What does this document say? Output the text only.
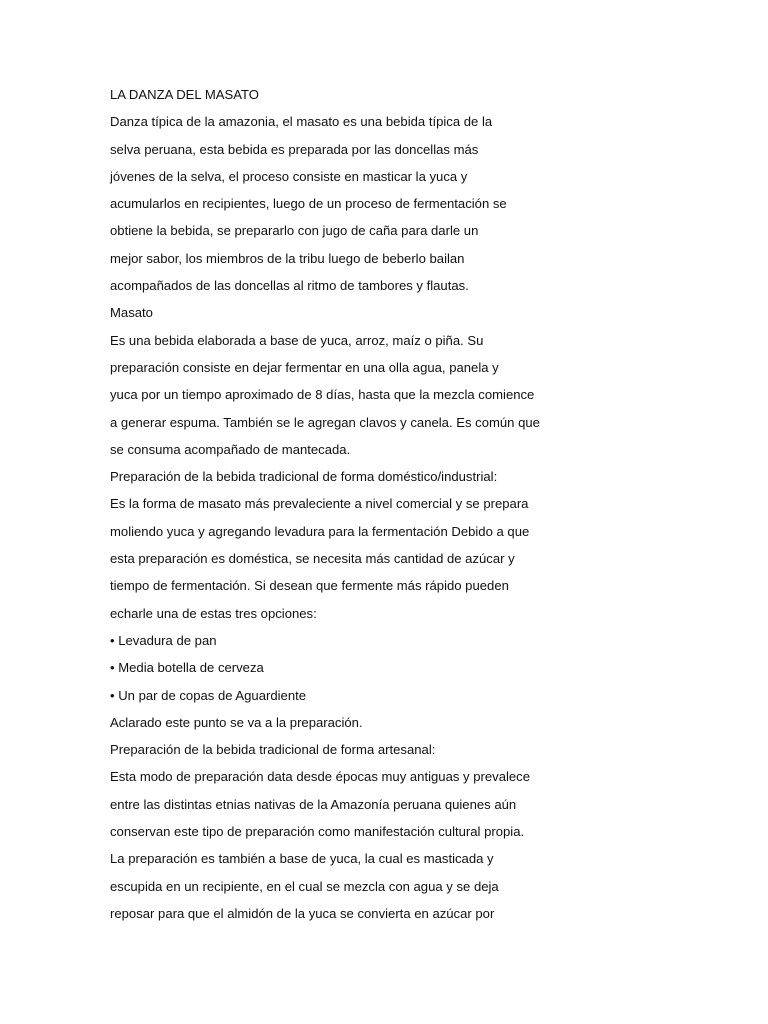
LA DANZA DEL MASATO
Danza típica de la amazonia, el masato es una bebida típica de la
selva peruana, esta bebida es preparada por las doncellas más
jóvenes de la selva, el proceso consiste en masticar la yuca y
acumularlos en recipientes, luego de un proceso de fermentación se
obtiene la bebida, se prepararlo con jugo de caña para darle un
mejor sabor, los miembros de la tribu luego de beberlo bailan
acompañados de las doncellas al ritmo de tambores y flautas.
Masato
Es una bebida elaborada a base de yuca, arroz, maíz o piña. Su
preparación consiste en dejar fermentar en una olla agua, panela y
yuca por un tiempo aproximado de 8 días, hasta que la mezcla comience
a generar espuma. También se le agregan clavos y canela. Es común que
se consuma acompañado de mantecada.
Preparación de la bebida tradicional de forma doméstico/industrial:
Es la forma de masato más prevaleciente a nivel comercial y se prepara
moliendo yuca y agregando levadura para la fermentación Debido a que
esta preparación es doméstica, se necesita más cantidad de azúcar y
tiempo de fermentación. Si desean que fermente más rápido pueden
echarle una de estas tres opciones:
• Levadura de pan
• Media botella de cerveza
• Un par de copas de Aguardiente
Aclarado este punto se va a la preparación.
Preparación de la bebida tradicional de forma artesanal:
Esta modo de preparación data desde épocas muy antiguas y prevalece
entre las distintas etnias nativas de la Amazonía peruana quienes aún
conservan este tipo de preparación como manifestación cultural propia.
La preparación es también a base de yuca, la cual es masticada y
escupida en un recipiente, en el cual se mezcla con agua y se deja
reposar para que el almidón de la yuca se convierta en azúcar por
